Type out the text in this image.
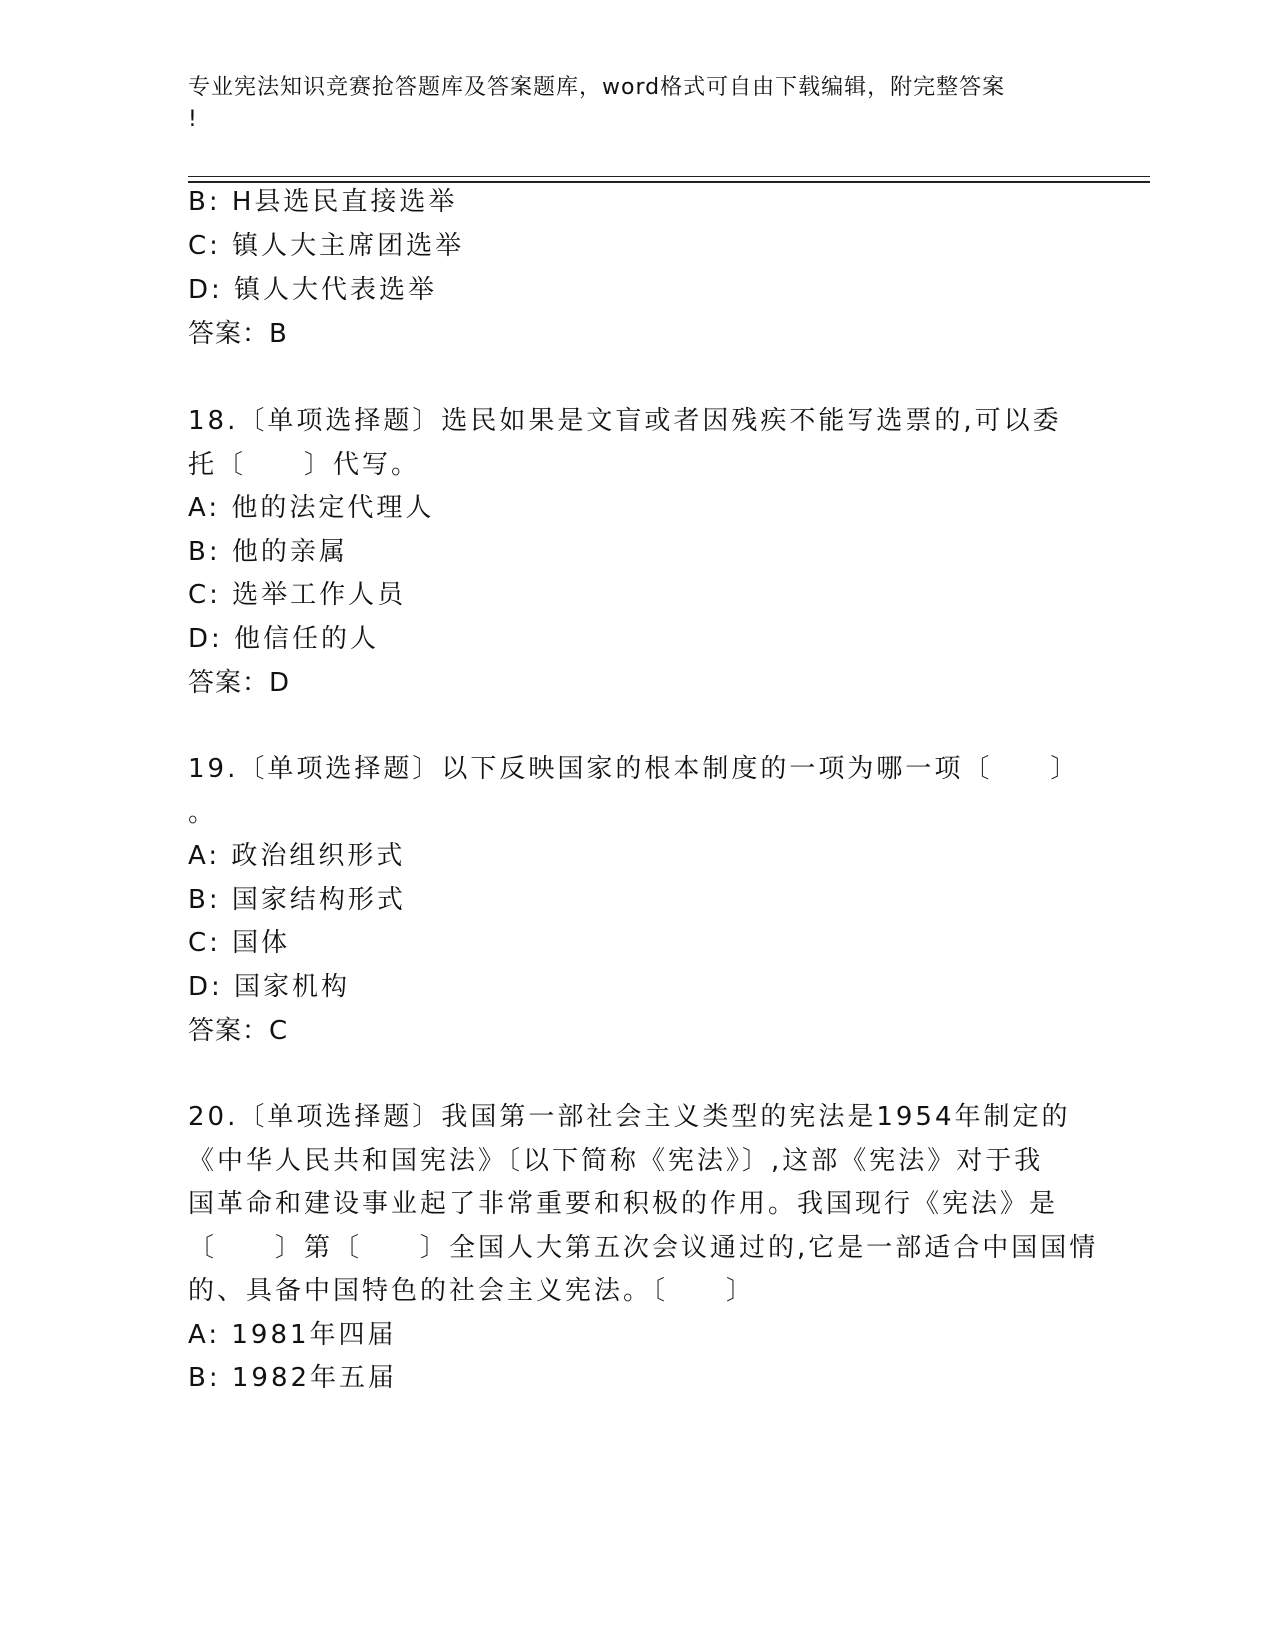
专业宪法知识竞赛抢答题库及答案题库，word格式可自由下载编辑，附完整答案
!
B: H县选民直接选举
C: 镇人大主席团选举
D: 镇人大代表选举
答案：B
18.〔单项选择题〕选民如果是文盲或者因残疾不能写选票的,可以委
托〔　　〕代写。
A: 他的法定代理人
B: 他的亲属
C: 选举工作人员
D: 他信任的人
答案：D
19.〔单项选择题〕以下反映国家的根本制度的一项为哪一项〔　　〕
。
A: 政治组织形式
B: 国家结构形式
C: 国体
D: 国家机构
答案：C
20.〔单项选择题〕我国第一部社会主义类型的宪法是1954年制定的
《中华人民共和国宪法》〔以下简称《宪法》〕,这部《宪法》对于我
国革命和建设事业起了非常重要和积极的作用。我国现行《宪法》是
〔　　〕第〔　　〕全国人大第五次会议通过的,它是一部适合中国国情
的、具备中国特色的社会主义宪法。〔　　〕
A: 1981年四届
B: 1982年五届
